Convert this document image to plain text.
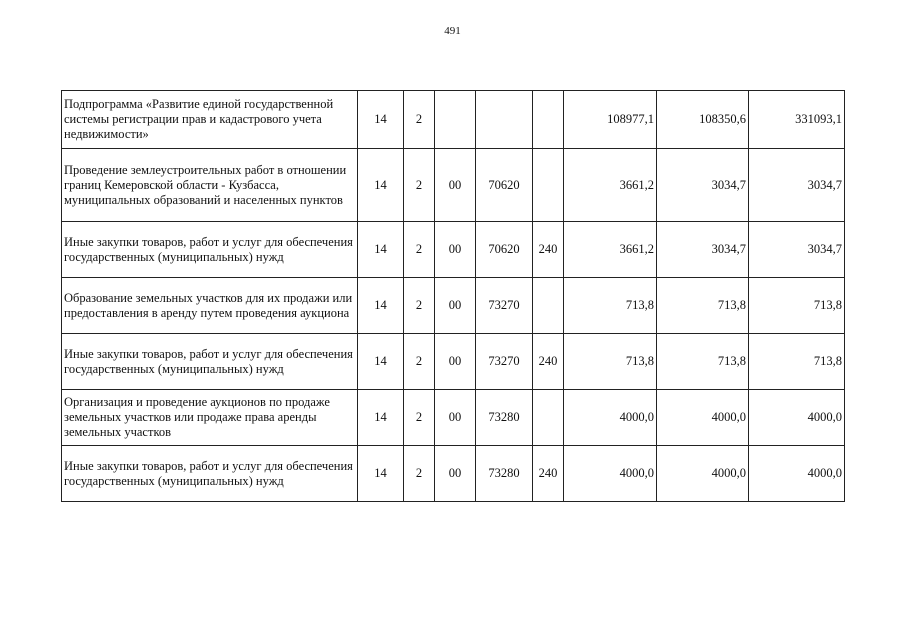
491
Подпрограмма «Развитие единой государственной системы регистрации прав и кадастрового учета недвижимости»	14	2				108977,1	108350,6	331093,1
Проведение землеустроительных работ в отношении границ Кемеровской области - Кузбасса, муниципальных образований и населенных пунктов	14	2	00	70620		3661,2	3034,7	3034,7
Иные закупки товаров, работ и услуг для обеспечения государственных (муниципальных) нужд	14	2	00	70620	240	3661,2	3034,7	3034,7
Образование земельных участков для их продажи или предоставления в аренду путем проведения аукциона	14	2	00	73270		713,8	713,8	713,8
Иные закупки товаров, работ и услуг для обеспечения государственных (муниципальных) нужд	14	2	00	73270	240	713,8	713,8	713,8
Организация и проведение аукционов по продаже земельных участков или продаже права аренды земельных участков	14	2	00	73280		4000,0	4000,0	4000,0
Иные закупки товаров, работ и услуг для обеспечения государственных (муниципальных) нужд	14	2	00	73280	240	4000,0	4000,0	4000,0
